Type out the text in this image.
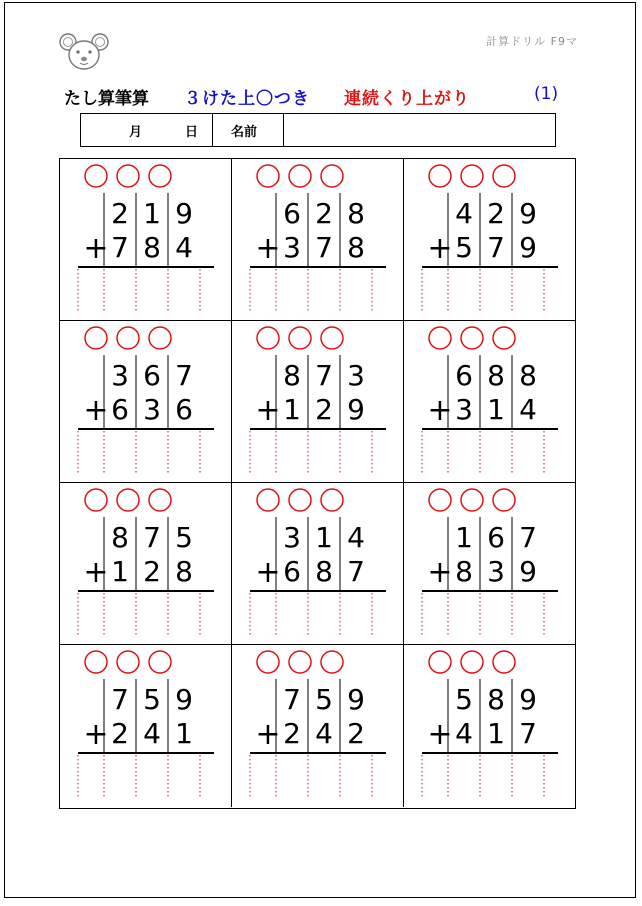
計算ドリル F9マ
たし算筆算 ３けた上〇つき 連続くり上がり	(1)
月	日	名前
2 1 9
+ 7 8 4
6 2 8
+ 3 7 8
4 2 9
+ 5 7 9
3 6 7
+ 6 3 6
8 7 3
+ 1 2 9
6 8 8
+ 3 1 4
8 7 5
+ 1 2 8
3 1 4
+ 6 8 7
1 6 7
+ 8 3 9
7 5 9
+ 2 4 1
7 5 9
+ 2 4 2
5 8 9
+ 4 1 7
